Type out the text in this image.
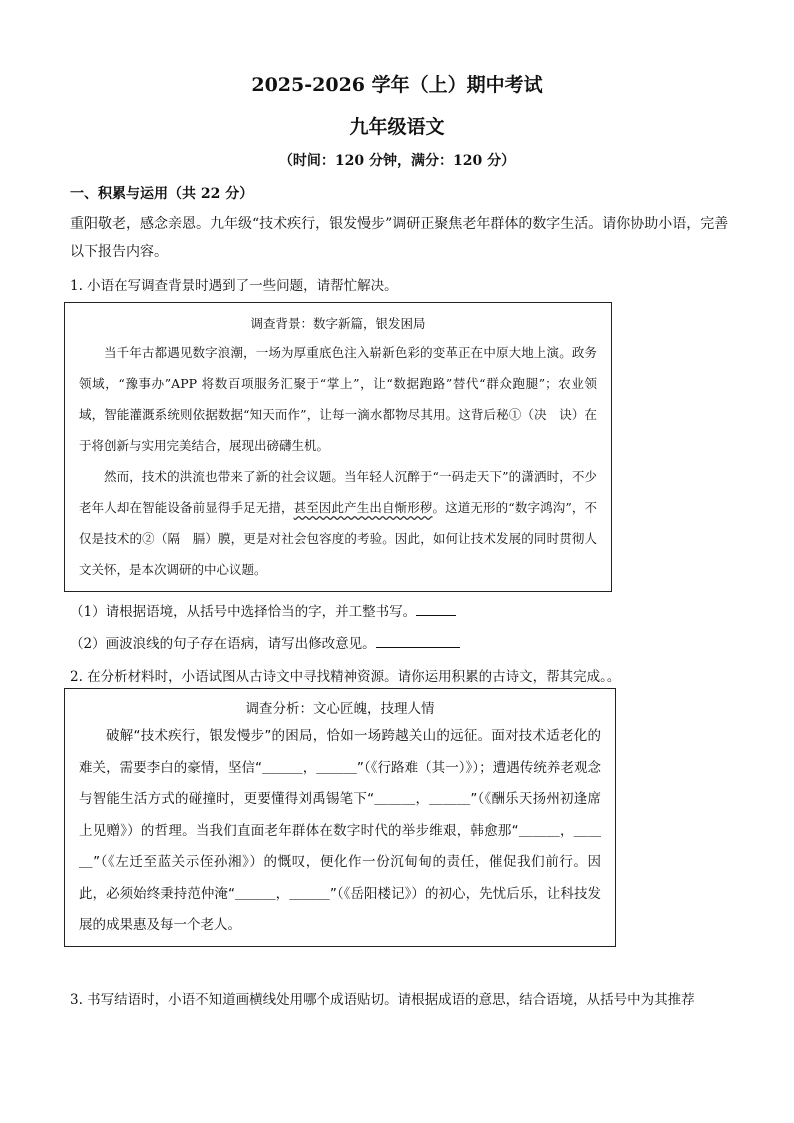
2025-2026 学年（上）期中考试
九年级语文
（时间：120 分钟，满分：120 分）
一、积累与运用（共 22 分）
重阳敬老，感念亲恩。九年级“技术疾行，银发慢步”调研正聚焦老年群体的数字生活。请你协助小语，完善以下报告内容。
1. 小语在写调查背景时遇到了一些问题，请帮忙解决。
调查背景：数字新篇，银发困局

当千年古都遇见数字浪潮，一场为厚重底色注入崭新色彩的变革正在中原大地上演。政务领域，“豫事办”APP 将数百项服务汇聚于“掌上”，让“数据跑路”替代“群众跑腿”；农业领域，智能灌溉系统则依据数据“知天而作”，让每一滴水都物尽其用。这背后秘①（决　诀）在于将创新与实用完美结合，展现出磅礴生机。

然而，技术的洪流也带来了新的社会议题。当年轻人沉醉于“一码走天下”的潇洒时，不少老年人却在智能设备前显得手足无措，甚至因此产生出自惭形秽。这道无形的“数字鸿沟”，不仅是技术的②（隔　膈）膜，更是对社会包容度的考验。因此，如何让技术发展的同时贯彻人文关怀，是本次调研的中心议题。

（1）请根据语境，从括号中选择恰当的字，并工整书写。
（2）画波浪线的句子存在语病，请写出修改意见。
2. 在分析材料时，小语试图从古诗文中寻找精神资源。请你运用积累的古诗文，帮其完成。。
调查分析：文心匠魄，技理人情

破解“技术疾行，银发慢步”的困局，恰如一场跨越关山的远征。面对技术适老化的难关，需要李白的豪情，坚信“＿＿＿，＿＿＿”（《行路难（其一）》）；遭遇传统养老观念与智能生活方式的碰撞时，更要懂得刘禹锡笔下“＿＿＿，＿＿＿”（《酬乐天扬州初逢席上见赠》）的哲理。当我们直面老年群体在数字时代的举步维艰，韩愈那“＿＿＿，＿＿＿”（《左迁至蓝关示侄孙湘》）的慨叹，便化作一份沉甸甸的责任，催促我们前行。因此，必须始终秉持范仲淹“＿＿＿，＿＿＿”（《岳阳楼记》）的初心，先忧后乐，让科技发展的成果惠及每一个老人。

3. 书写结语时，小语不知道画横线处用哪个成语贴切。请根据成语的意思，结合语境，从括号中为其推荐
